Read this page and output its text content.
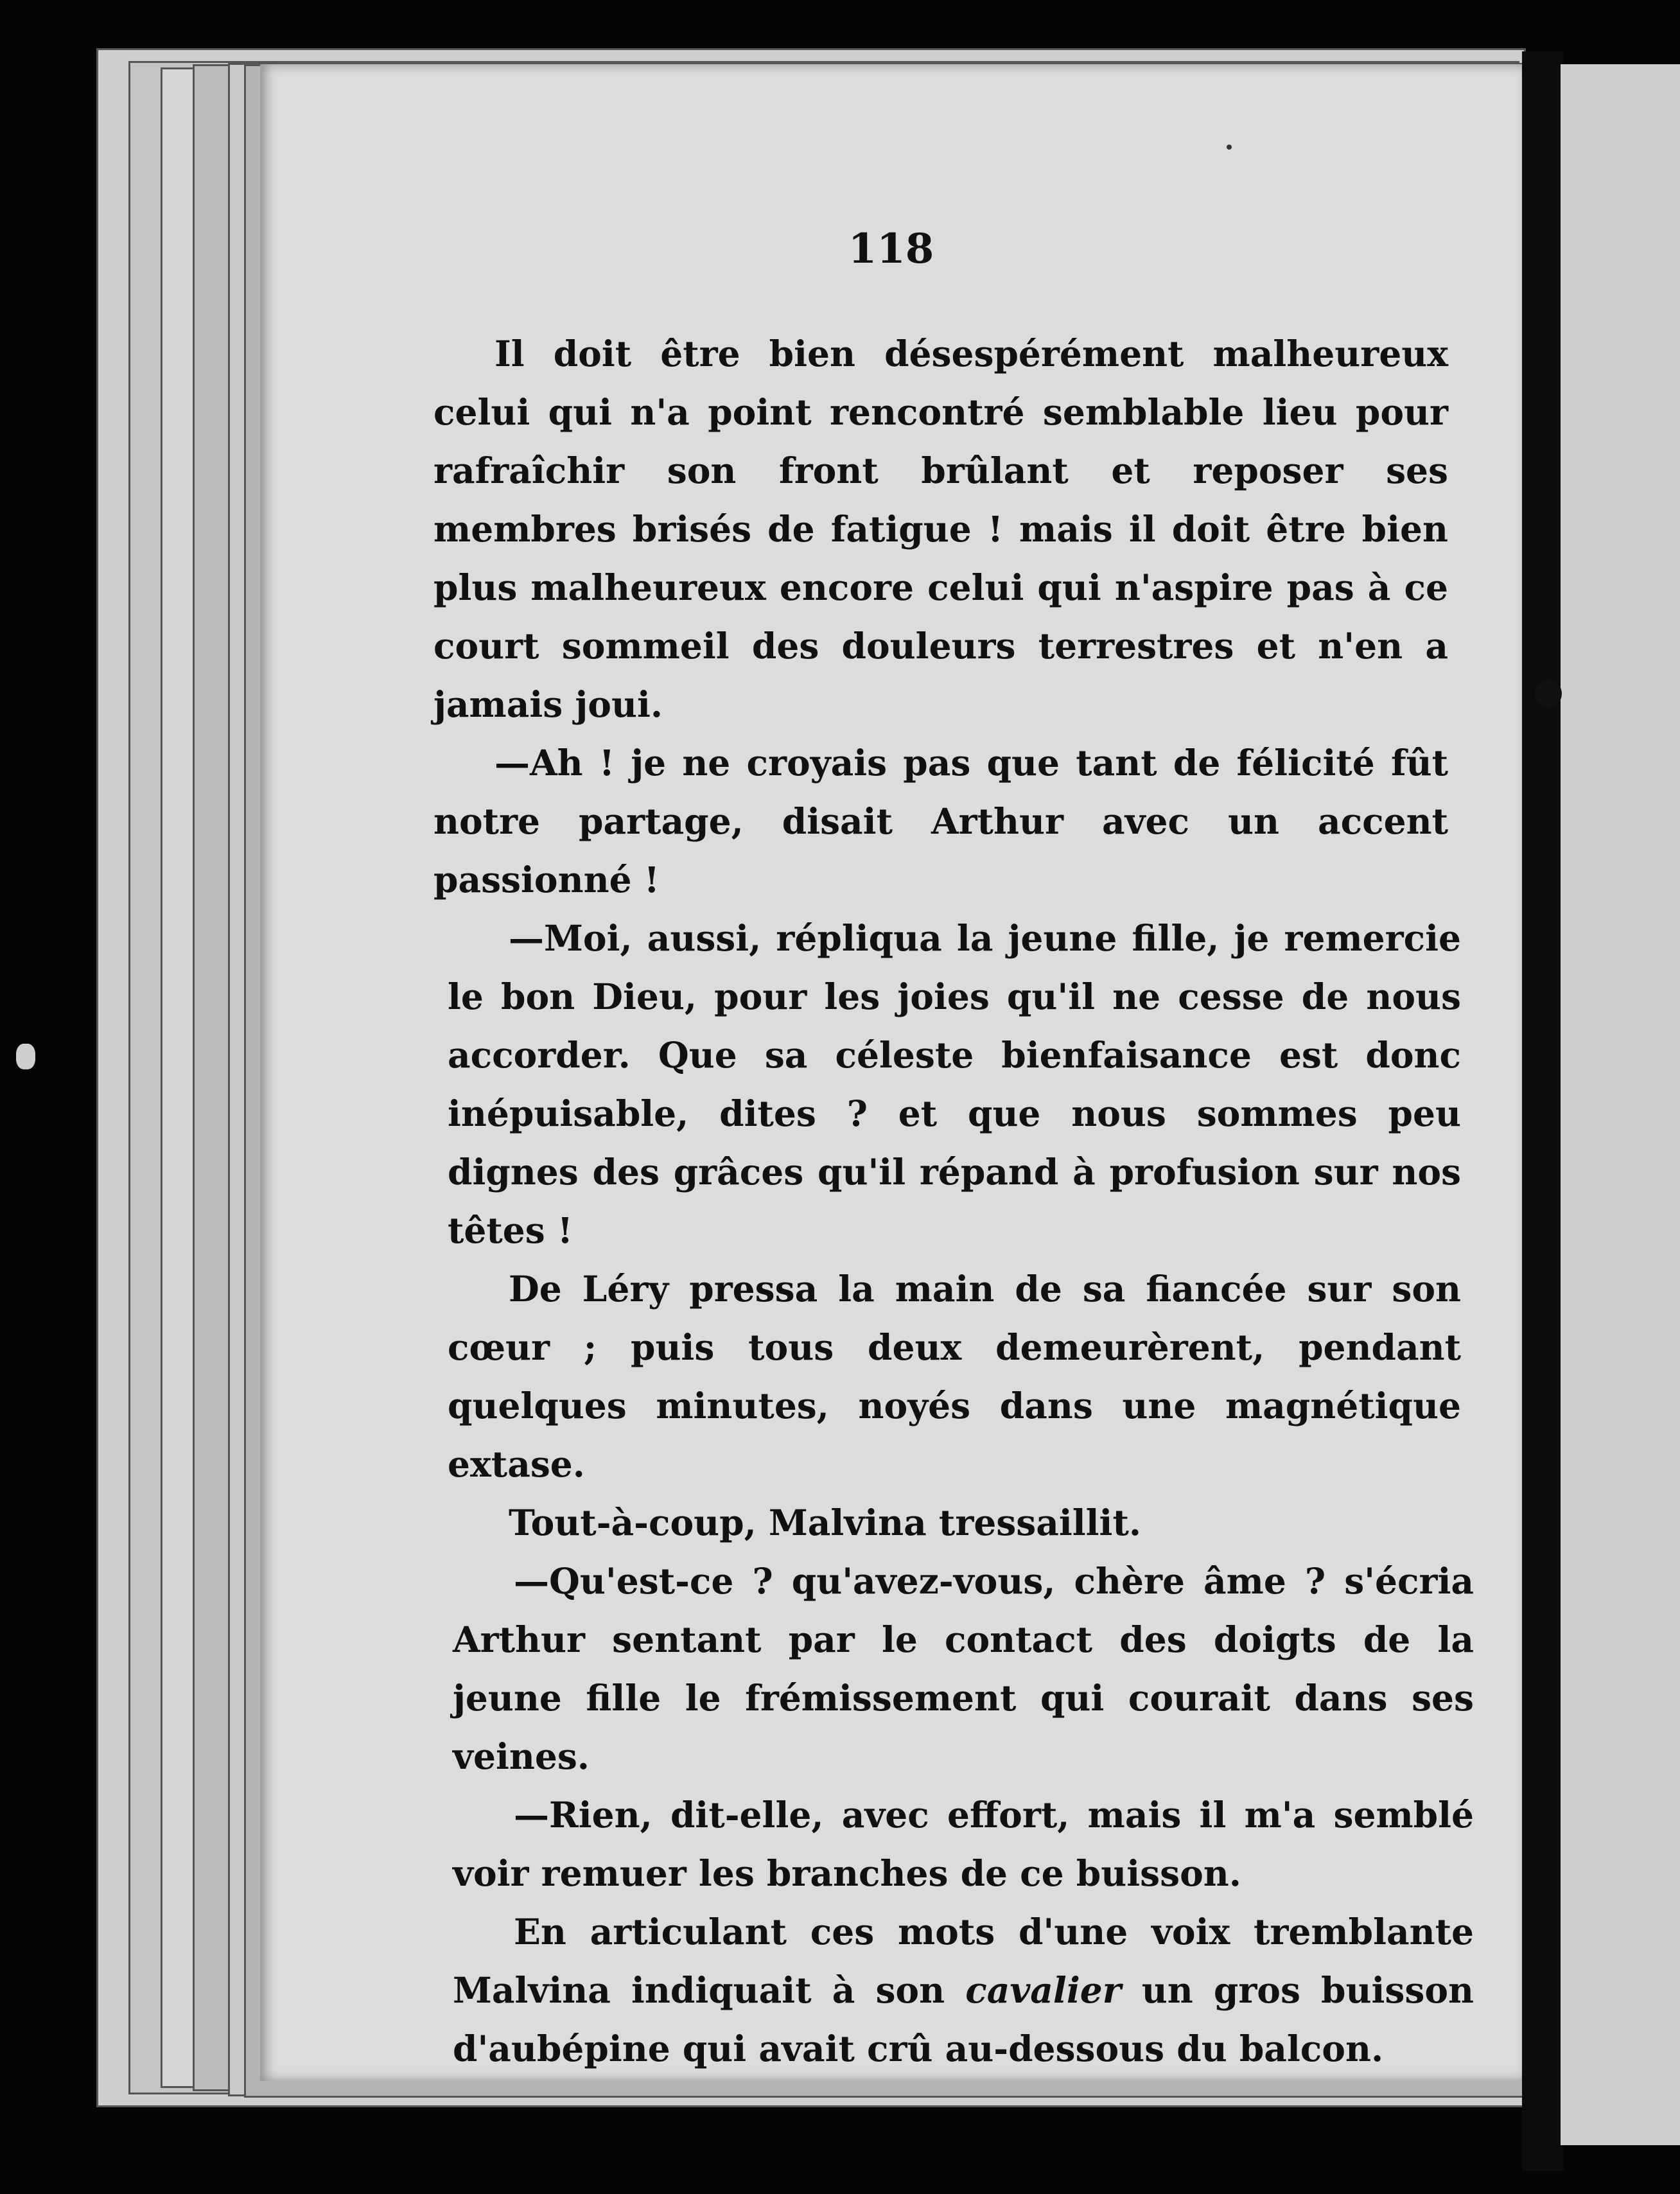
118

Il doit être bien désespérément malheureux celui qui n'a point rencontré semblable lieu pour rafraîchir son front brûlant et reposer ses membres brisés de fatigue ! mais il doit être bien plus malheureux encore celui qui n'aspire pas à ce court sommeil des douleurs terrestres et n'en a jamais joui.

—Ah ! je ne croyais pas que tant de félicité fût notre partage, disait Arthur avec un accent passionné !

—Moi, aussi, répliqua la jeune fille, je remercie le bon Dieu, pour les joies qu'il ne cesse de nous accorder. Que sa céleste bienfaisance est donc inépuisable, dites ? et que nous sommes peu dignes des grâces qu'il répand à profusion sur nos têtes !

De Léry pressa la main de sa fiancée sur son cœur ; puis tous deux demeurèrent, pendant quelques minutes, noyés dans une magnétique extase.

Tout-à-coup, Malvina tressaillit.

—Qu'est-ce ? qu'avez-vous, chère âme ? s'écria Arthur sentant par le contact des doigts de la jeune fille le frémissement qui courait dans ses veines.

—Rien, dit-elle, avec effort, mais il m'a semblé voir remuer les branches de ce buisson.

En articulant ces mots d'une voix tremblante Malvina indiquait à son cavalier un gros buisson d'aubépine qui avait crû au-dessous du balcon.
